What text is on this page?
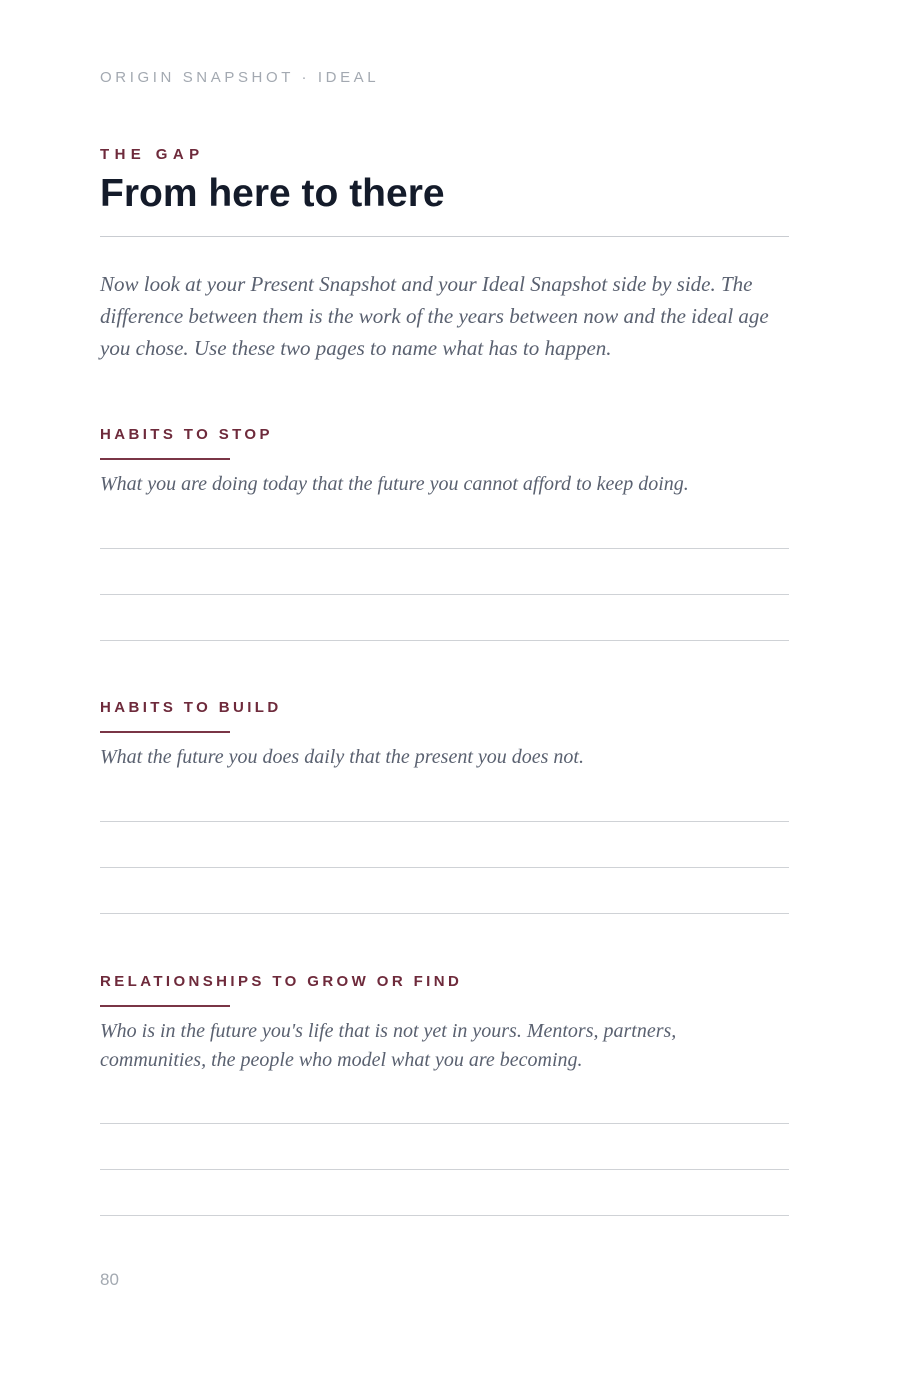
ORIGIN SNAPSHOT · IDEAL
THE GAP
From here to there

Now look at your Present Snapshot and your Ideal Snapshot side by side. The difference between them is the work of the years between now and the ideal age you chose. Use these two pages to name what has to happen.

HABITS TO STOP

What you are doing today that the future you cannot afford to keep doing.

HABITS TO BUILD

What the future you does daily that the present you does not.

RELATIONSHIPS TO GROW OR FIND

Who is in the future you's life that is not yet in yours. Mentors, partners, communities, the people who model what you are becoming.

80
